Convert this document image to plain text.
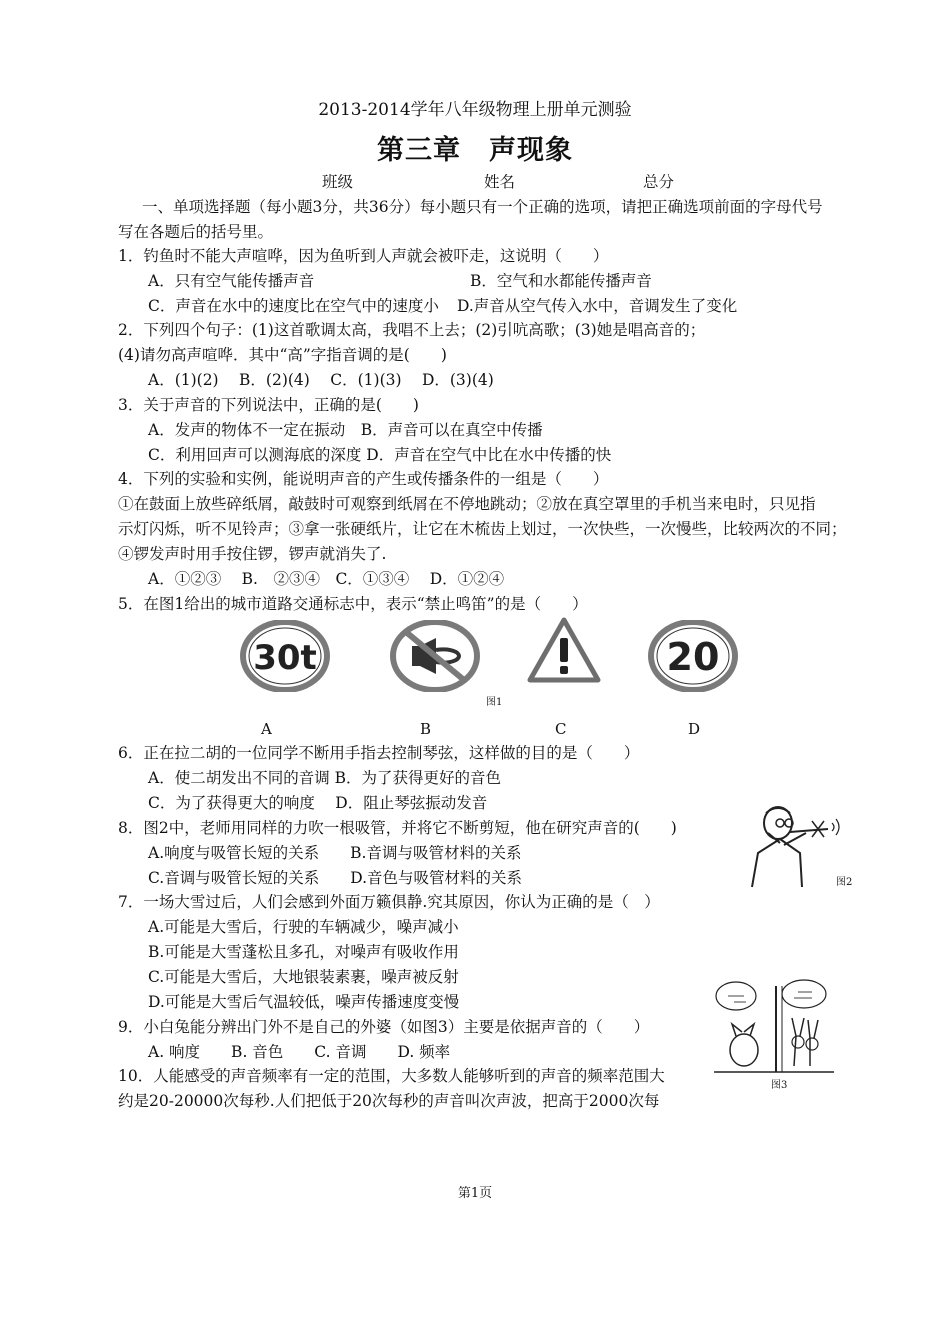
2013-2014学年八年级物理上册单元测验
第三章　声现象
班级	姓名	总分
一、单项选择题（每小题3分，共36分）每小题只有一个正确的选项，请把正确选项前面的字母代号
写在各题后的括号里。
1．钓鱼时不能大声喧哗，因为鱼听到人声就会被吓走，这说明（　　）
A．只有空气能传播声音	B．空气和水都能传播声音
C．声音在水中的速度比在空气中的速度小 D.声音从空气传入水中，音调发生了变化
2．下列四个句子：(1)这首歌调太高，我唱不上去；(2)引吭高歌；(3)她是唱高音的；
(4)请勿高声喧哗．其中“高”字指音调的是(　　)
A．(1)(2)　 B．(2)(4)　 C．(1)(3)　 D．(3)(4)
3．关于声音的下列说法中，正确的是(　　)
A．发声的物体不一定在振动　B．声音可以在真空中传播
C．利用回声可以测海底的深度 D．声音在空气中比在水中传播的快
4．下列的实验和实例，能说明声音的产生或传播条件的一组是（　　）
①在鼓面上放些碎纸屑，敲鼓时可观察到纸屑在不停地跳动；②放在真空罩里的手机当来电时，只见指
示灯闪烁，听不见铃声；③拿一张硬纸片，让它在木梳齿上划过，一次快些，一次慢些，比较两次的不同；
④锣发声时用手按住锣，锣声就消失了.
A．①②③　 B.　②③④　C．①③④　 D．①②④
5．在图1给出的城市道路交通标志中，表示“禁止鸣笛”的是（　　）
30t	20
图1
A	B	C	D
6．正在拉二胡的一位同学不断用手指去控制琴弦，这样做的目的是（　　）
A．使二胡发出不同的音调 B．为了获得更好的音色
C．为了获得更大的响度　 D．阻止琴弦振动发音
8．图2中，老师用同样的力吹一根吸管，并将它不断剪短，他在研究声音的(　　)
A.响度与吸管长短的关系　　B.音调与吸管材料的关系
C.音调与吸管长短的关系　　D.音色与吸管材料的关系	图2
7．一场大雪过后，人们会感到外面万籁俱静.究其原因，你认为正确的是（　）
A.可能是大雪后，行驶的车辆减少，噪声减小
B.可能是大雪蓬松且多孔，对噪声有吸收作用
C.可能是大雪后，大地银装素裹，噪声被反射
D.可能是大雪后气温较低，噪声传播速度变慢
9．小白兔能分辨出门外不是自己的外婆（如图3）主要是依据声音的（　　）
A. 响度　　B. 音色　　C. 音调　　D. 频率
图3
10．人能感受的声音频率有一定的范围，大多数人能够听到的声音的频率范围大
约是20-20000次每秒.人们把低于20次每秒的声音叫次声波，把高于2000次每
第1页
